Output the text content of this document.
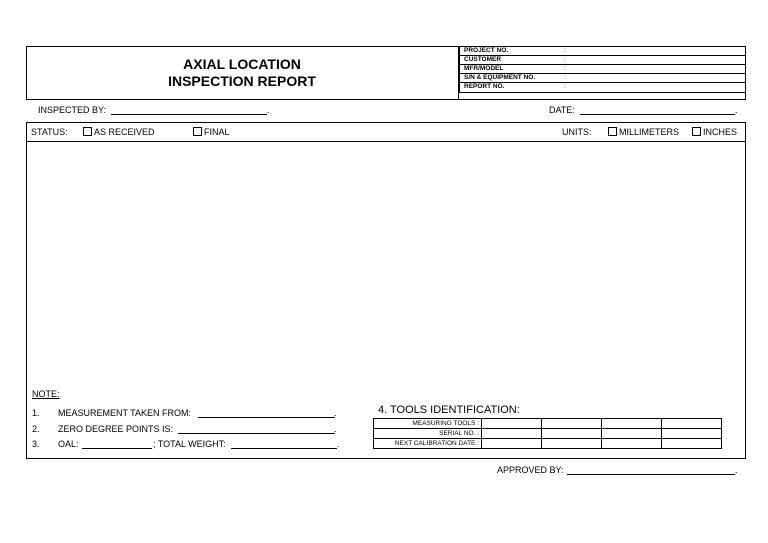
AXIAL LOCATION
INSPECTION REPORT
PROJECT NO.	:
CUSTOMER	:
MFR/MODEL	:
S/N & EQUIPMENT NO.	:
REPORT NO.	:
INSPECTED BY:	.	DATE:	.
STATUS:	AS RECEIVED	FINAL	UNITS:	MILLIMETERS	INCHES
NOTE:
1. MEASUREMENT TAKEN FROM:	.
2. ZERO DEGREE POINTS IS:	.
3. OAL:	; TOTAL WEIGHT:	.
4. TOOLS IDENTIFICATION:
MEASURING TOOLS :				
SERIAL NO. :				
NEXT CALIBRATION DATE :				
APPROVED BY:	.
